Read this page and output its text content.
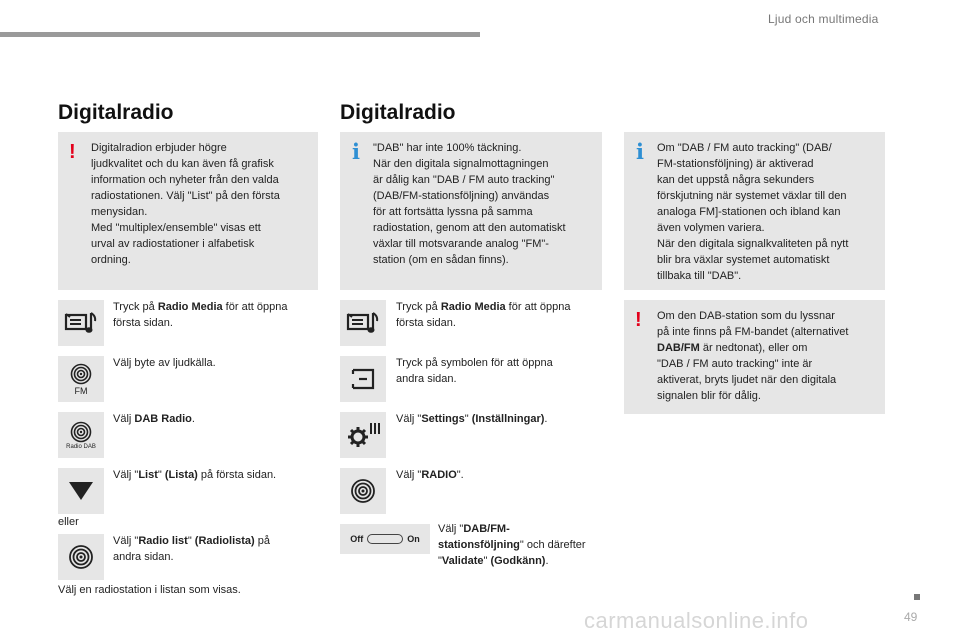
Ljud och multimedia
Digitalradio
! Digitalradion erbjuder högre
ljudkvalitet och du kan även få grafisk
information och nyheter från den valda
radiostationen. Välj "List" på den första
menysidan.
Med "multiplex/ensemble" visas ett
urval av radiostationer i alfabetisk
ordning.
Tryck på Radio Media för att öppna
första sidan.
FM
Välj byte av ljudkälla.
Radio DAB
Välj DAB Radio.
Välj "List" (Lista) på första sidan.
eller
Välj "Radio list" (Radiolista) på
andra sidan.
Välj en radiostation i listan som visas.
Digitalradio
i "DAB" har inte 100% täckning.
När den digitala signalmottagningen
är dålig kan "DAB / FM auto tracking"
(DAB/FM-stationsföljning) användas
för att fortsätta lyssna på samma
radiostation, genom att den automatiskt
växlar till motsvarande analog "FM"-
station (om en sådan finns).
i Om "DAB / FM auto tracking" (DAB/
FM-stationsföljning) är aktiverad
kan det uppstå några sekunders
förskjutning när systemet växlar till den
analoga FM]-stationen och ibland kan
även volymen variera.
När den digitala signalkvaliteten på nytt
blir bra växlar systemet automatiskt
tillbaka till "DAB".
! Om den DAB-station som du lyssnar
på inte finns på FM-bandet (alternativet
DAB/FM är nedtonat), eller om
"DAB / FM auto tracking" inte är
aktiverat, bryts ljudet när den digitala
signalen blir för dålig.
Tryck på Radio Media för att öppna
första sidan.
Tryck på symbolen för att öppna
andra sidan.
Välj "Settings" (Inställningar).
Välj "RADIO".
Off	On
Välj "DAB/FM-
stationsföljning" och därefter
"Validate" (Godkänn).
carmanualsonline.info	49
